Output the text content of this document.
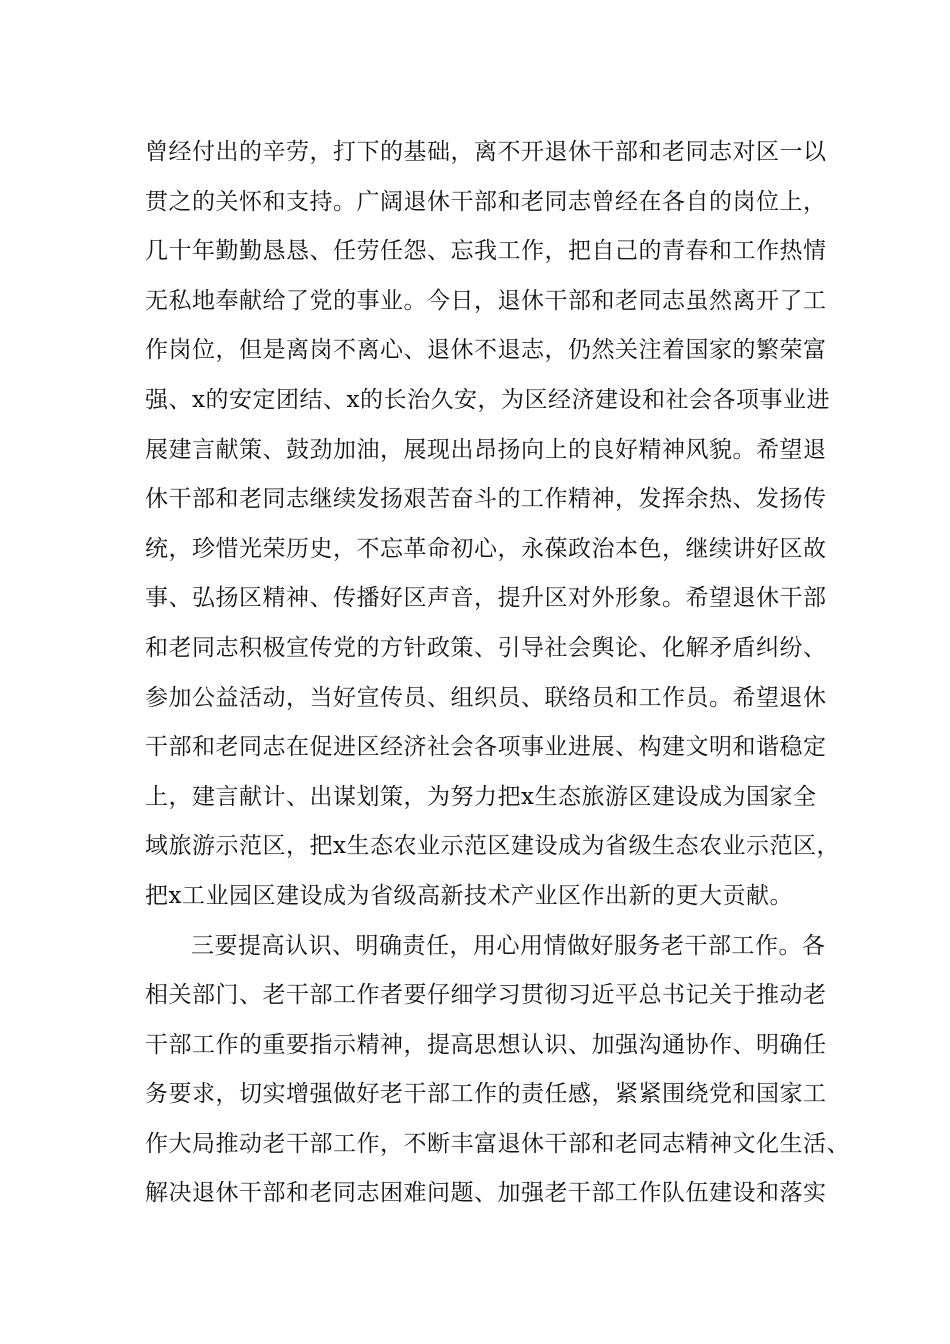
曾经付出的辛劳，打下的基础，离不开退休干部和老同志对区一以
贯之的关怀和支持。广阔退休干部和老同志曾经在各自的岗位上，
几十年勤勤恳恳、任劳任怨、忘我工作，把自己的青春和工作热情
无私地奉献给了党的事业。今日，退休干部和老同志虽然离开了工
作岗位，但是离岗不离心、退休不退志，仍然关注着国家的繁荣富
强、x的安定团结、x的长治久安，为区经济建设和社会各项事业进
展建言献策、鼓劲加油，展现出昂扬向上的良好精神风貌。希望退
休干部和老同志继续发扬艰苦奋斗的工作精神，发挥余热、发扬传
统，珍惜光荣历史，不忘革命初心，永葆政治本色，继续讲好区故
事、弘扬区精神、传播好区声音，提升区对外形象。希望退休干部
和老同志积极宣传党的方针政策、引导社会舆论、化解矛盾纠纷、
参加公益活动，当好宣传员、组织员、联络员和工作员。希望退休
干部和老同志在促进区经济社会各项事业进展、构建文明和谐稳定
上，建言献计、出谋划策，为努力把x生态旅游区建设成为国家全
域旅游示范区，把x生态农业示范区建设成为省级生态农业示范区，
把x工业园区建设成为省级高新技术产业区作出新的更大贡献。
三要提高认识、明确责任，用心用情做好服务老干部工作。各
相关部门、老干部工作者要仔细学习贯彻习近平总书记关于推动老
干部工作的重要指示精神，提高思想认识、加强沟通协作、明确任
务要求，切实增强做好老干部工作的责任感，紧紧围绕党和国家工
作大局推动老干部工作，不断丰富退休干部和老同志精神文化生活、
解决退休干部和老同志困难问题、加强老干部工作队伍建设和落实
